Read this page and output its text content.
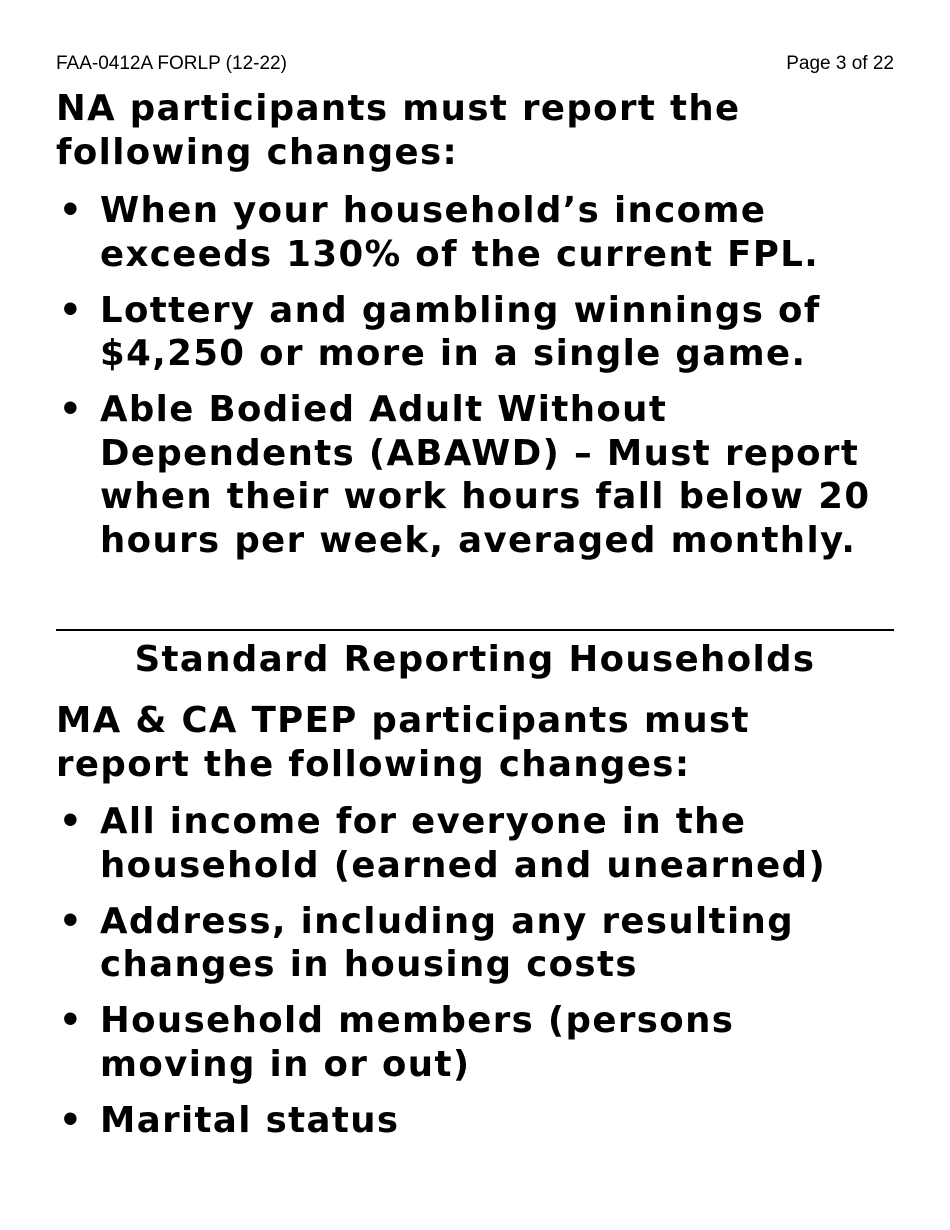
FAA-0412A FORLP (12-22)	Page 3 of 22

NA participants must report the following changes:

• When your household’s income exceeds 130% of the current FPL.
• Lottery and gambling winnings of $4,250 or more in a single game.
• Able Bodied Adult Without Dependents (ABAWD) – Must report when their work hours fall below 20 hours per week, averaged monthly.
Standard Reporting Households

MA & CA TPEP participants must report the following changes:

• All income for everyone in the household (earned and unearned)
• Address, including any resulting changes in housing costs
• Household members (persons moving in or out)
• Marital status
